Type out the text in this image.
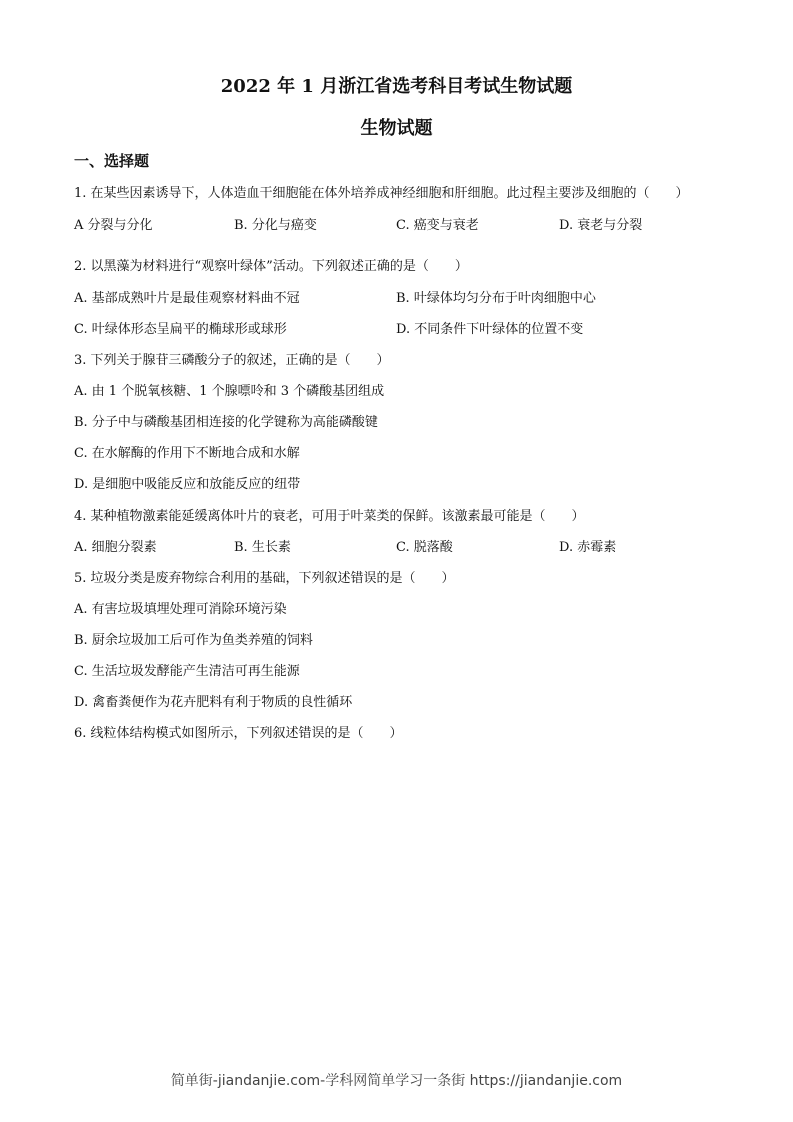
2022 年 1 月浙江省选考科目考试生物试题
生物试题
一、选择题
1. 在某些因素诱导下，人体造血干细胞能在体外培养成神经细胞和肝细胞。此过程主要涉及细胞的（　　）
A 分裂与分化	B. 分化与癌变	C. 癌变与衰老	D. 衰老与分裂
2. 以黑藻为材料进行“观察叶绿体”活动。下列叙述正确的是（　　）
A. 基部成熟叶片是最佳观察材料曲不冠	B. 叶绿体均匀分布于叶肉细胞中心
C. 叶绿体形态呈扁平的椭球形或球形	D. 不同条件下叶绿体的位置不变
3. 下列关于腺苷三磷酸分子的叙述，正确的是（　　）
A. 由 1 个脱氧核糖、1 个腺嘌呤和 3 个磷酸基团组成
B. 分子中与磷酸基团相连接的化学键称为高能磷酸键
C. 在水解酶的作用下不断地合成和水解
D. 是细胞中吸能反应和放能反应的纽带
4. 某种植物激素能延缓离体叶片的衰老，可用于叶菜类的保鲜。该激素最可能是（　　）
A. 细胞分裂素	B. 生长素	C. 脱落酸	D. 赤霉素
5. 垃圾分类是废弃物综合利用的基础，下列叙述错误的是（　　）
A. 有害垃圾填埋处理可消除环境污染
B. 厨余垃圾加工后可作为鱼类养殖的饲料
C. 生活垃圾发酵能产生清洁可再生能源
D. 禽畜粪便作为花卉肥料有利于物质的良性循环
6. 线粒体结构模式如图所示，下列叙述错误的是（　　）
简单街-jiandanjie.com-学科网简单学习一条街 https://jiandanjie.com
